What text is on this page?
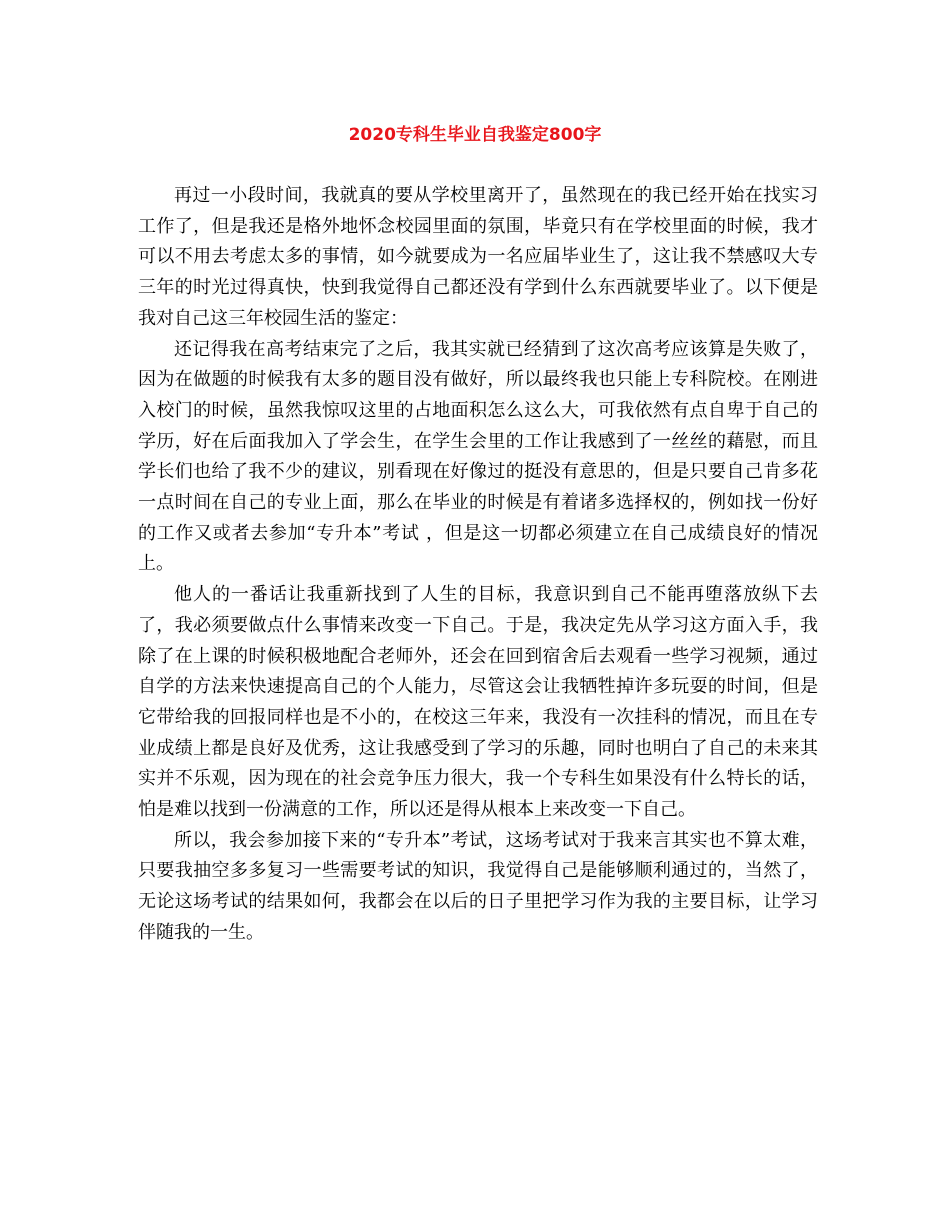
2020专科生毕业自我鉴定800字

再过一小段时间，我就真的要从学校里离开了，虽然现在的我已经开始在找实习工作了，但是我还是格外地怀念校园里面的氛围，毕竟只有在学校里面的时候，我才可以不用去考虑太多的事情，如今就要成为一名应届毕业生了，这让我不禁感叹大专三年的时光过得真快，快到我觉得自己都还没有学到什么东西就要毕业了。以下便是我对自己这三年校园生活的鉴定：

还记得我在高考结束完了之后，我其实就已经猜到了这次高考应该算是失败了，因为在做题的时候我有太多的题目没有做好，所以最终我也只能上专科院校。在刚进入校门的时候，虽然我惊叹这里的占地面积怎么这么大，可我依然有点自卑于自己的学历，好在后面我加入了学会生，在学生会里的工作让我感到了一丝丝的藉慰，而且学长们也给了我不少的建议，别看现在好像过的挺没有意思的，但是只要自己肯多花一点时间在自己的专业上面，那么在毕业的时候是有着诸多选择权的，例如找一份好的工作又或者去参加“专升本”考试 ，但是这一切都必须建立在自己成绩良好的情况上。

他人的一番话让我重新找到了人生的目标，我意识到自己不能再堕落放纵下去了，我必须要做点什么事情来改变一下自己。于是，我决定先从学习这方面入手，我除了在上课的时候积极地配合老师外，还会在回到宿舍后去观看一些学习视频，通过自学的方法来快速提高自己的个人能力，尽管这会让我牺牲掉许多玩耍的时间，但是它带给我的回报同样也是不小的，在校这三年来，我没有一次挂科的情况，而且在专业成绩上都是良好及优秀，这让我感受到了学习的乐趣，同时也明白了自己的未来其实并不乐观，因为现在的社会竞争压力很大，我一个专科生如果没有什么特长的话，怕是难以找到一份满意的工作，所以还是得从根本上来改变一下自己。

所以，我会参加接下来的“专升本”考试，这场考试对于我来言其实也不算太难，只要我抽空多多复习一些需要考试的知识，我觉得自己是能够顺利通过的，当然了，无论这场考试的结果如何，我都会在以后的日子里把学习作为我的主要目标，让学习伴随我的一生。
